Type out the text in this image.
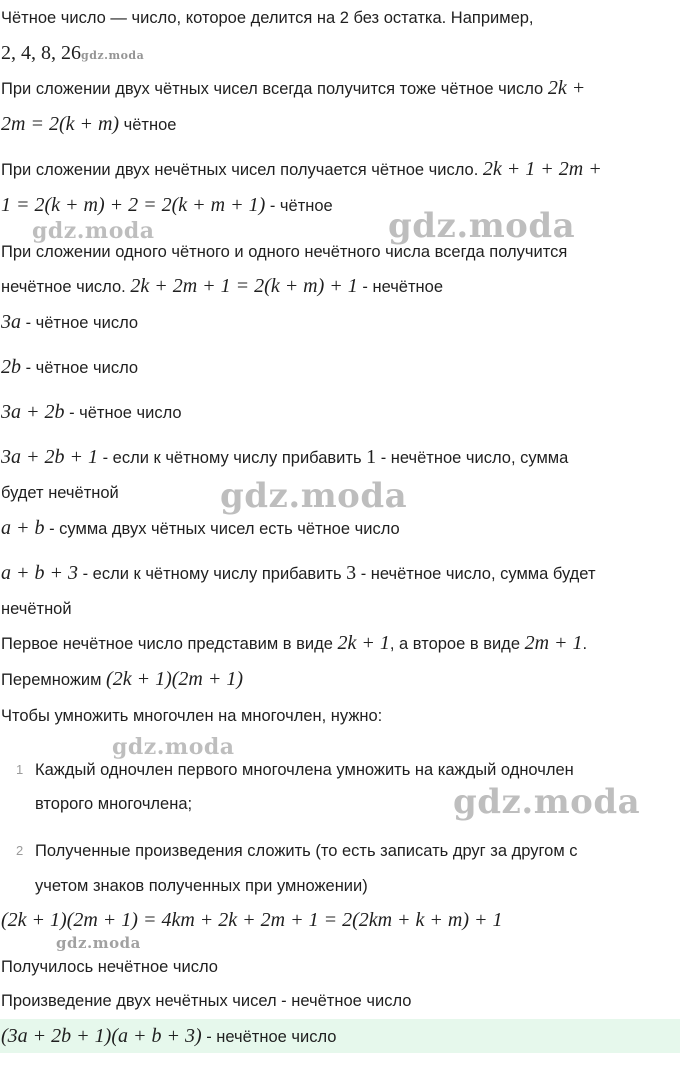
Чётное число — число, которое делится на 2 без остатка. Например,
2, 4, 8, 26gdz.moda
При сложении двух чётных чисел всегда получится тоже чётное число 2k +
2m = 2(k + m) чётное
При сложении двух нечётных чисел получается чётное число. 2k + 1 + 2m +
1 = 2(k + m) + 2 = 2(k + m + 1) - чётное
При сложении одного чётного и одного нечётного числа всегда получится
нечётное число. 2k + 2m + 1 = 2(k + m) + 1 - нечётное
3a - чётное число
2b - чётное число
3a + 2b - чётное число
3a + 2b + 1 - если к чётному числу прибавить 1 - нечётное число, сумма
будет нечётной
a + b - сумма двух чётных чисел есть чётное число
a + b + 3 - если к чётному числу прибавить 3 - нечётное число, сумма будет
нечётной
Первое нечётное число представим в виде 2k + 1, а второе в виде 2m + 1.
Перемножим (2k + 1)(2m + 1)
Чтобы умножить многочлен на многочлен, нужно:
1 Каждый одночлен первого многочлена умножить на каждый одночлен
второго многочлена;
2 Полученные произведения сложить (то есть записать друг за другом с
учетом знаков полученных при умножении)
(2k + 1)(2m + 1) = 4km + 2k + 2m + 1 = 2(2km + k + m) + 1
Получилось нечётное число
Произведение двух нечётных чисел - нечётное число
(3a + 2b + 1)(a + b + 3) - нечётное число
gdz.moda	gdz.moda
gdz.moda
gdz.moda
gdz.moda
gdz.moda
